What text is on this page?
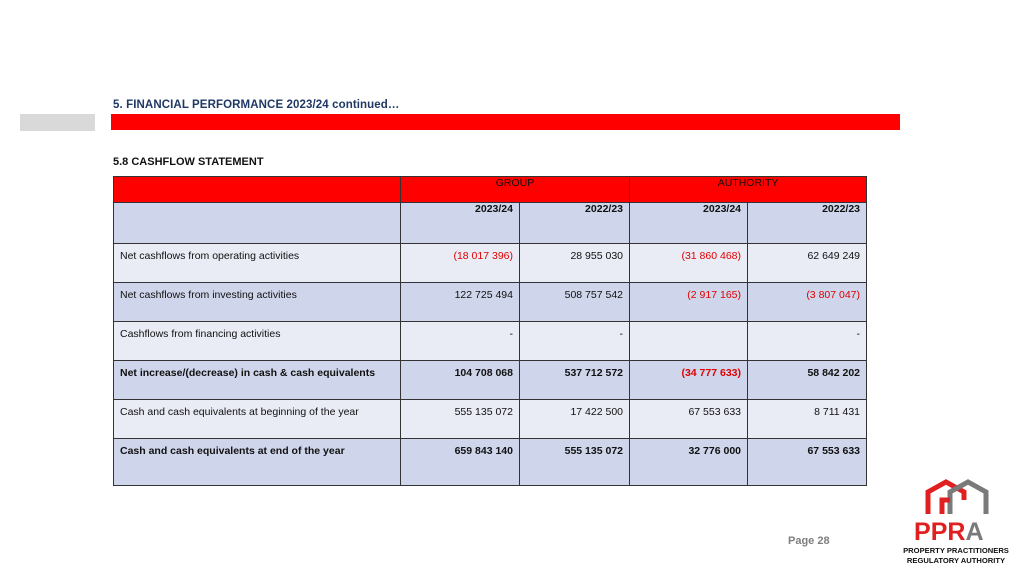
5. FINANCIAL PERFORMANCE 2023/24 continued…
5.8 CASHFLOW STATEMENT
	GROUP		AUTHORITY	
	2023/24	2022/23	2023/24	2022/23
Net cashflows from operating activities	(18 017 396)	28 955 030	(31 860 468)	62 649 249
Net cashflows from investing activities	122 725 494	508 757 542	(2 917 165)	(3 807 047)
Cashflows from financing activities	-	-		-
Net increase/(decrease) in cash & cash equivalents	104 708 068	537 712 572	(34 777 633)	58 842 202
Cash and cash equivalents at beginning of the year	555 135 072	17 422 500	67 553 633	8 711 431
Cash and cash equivalents at end of the year	659 843 140	555 135 072	32 776 000	67 553 633
Page 28	PPRA
PROPERTY PRACTITIONERS
REGULATORY AUTHORITY
